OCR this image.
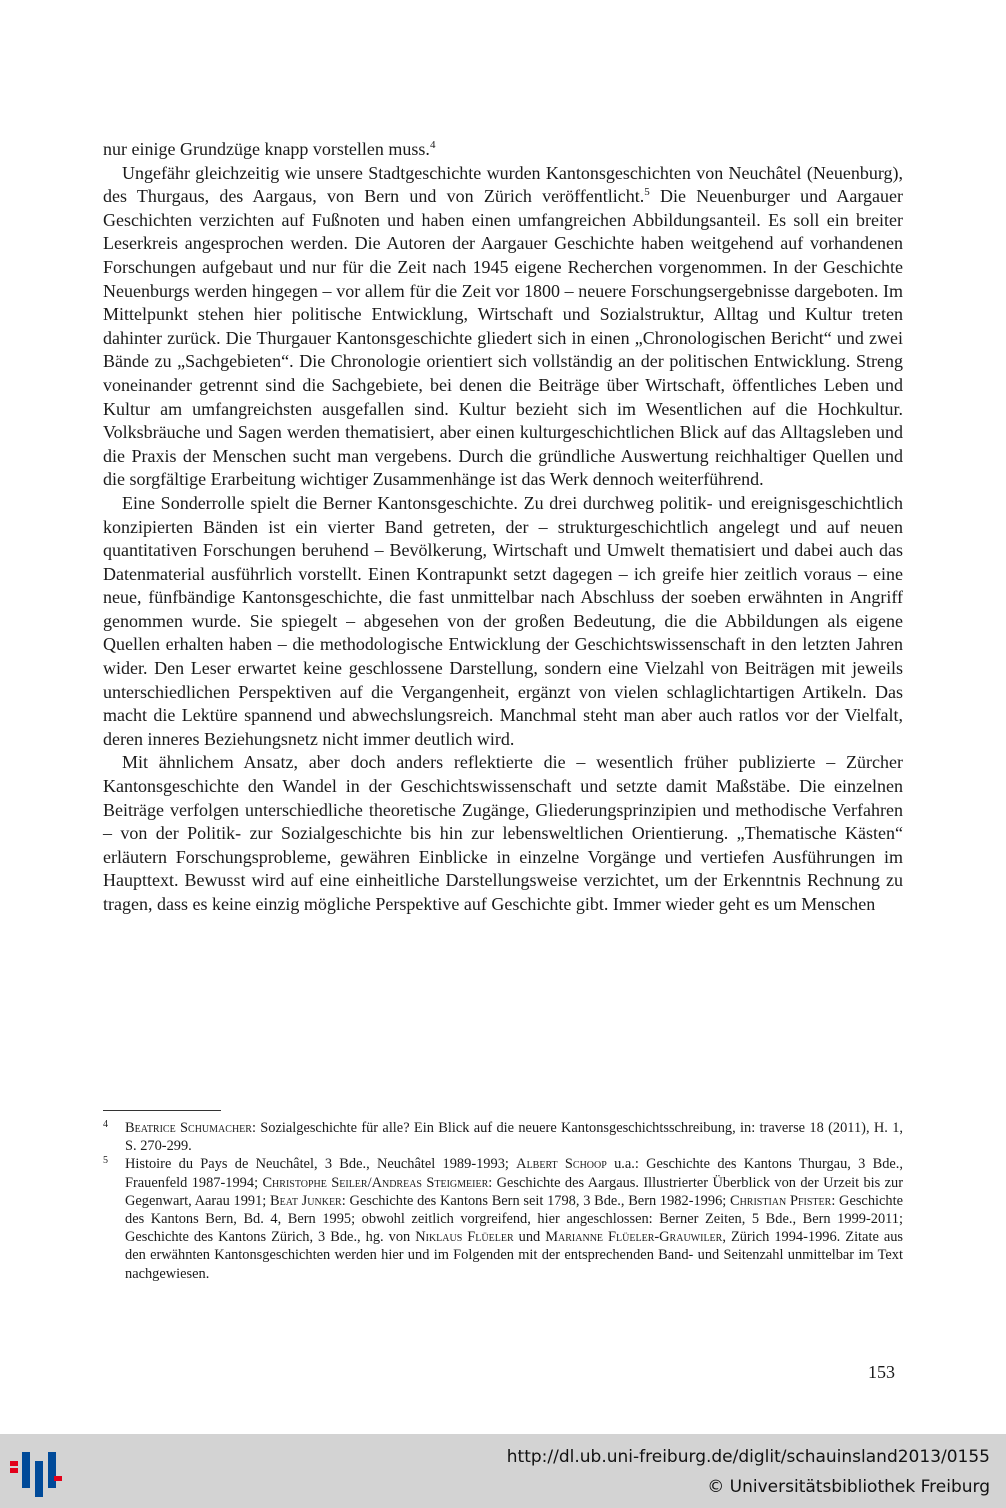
nur einige Grundzüge knapp vorstellen muss.$^4$

Ungefähr gleichzeitig wie unsere Stadtgeschichte wurden Kantonsgeschichten von Neuchâtel (Neuenburg), des Thurgaus, des Aargaus, von Bern und von Zürich veröffentlicht.$^5$ Die Neuenburger und Aargauer Geschichten verzichten auf Fußnoten und haben einen umfangreichen Abbildungsanteil. Es soll ein breiter Leserkreis angesprochen werden. Die Autoren der Aargauer Geschichte haben weitgehend auf vorhandenen Forschungen aufgebaut und nur für die Zeit nach 1945 eigene Recherchen vorgenommen. In der Geschichte Neuenburgs werden hingegen – vor allem für die Zeit vor 1800 – neuere Forschungsergebnisse dargeboten. Im Mittelpunkt stehen hier politische Entwicklung, Wirtschaft und Sozialstruktur, Alltag und Kultur treten dahinter zurück. Die Thurgauer Kantonsgeschichte gliedert sich in einen „Chronologischen Bericht“ und zwei Bände zu „Sachgebieten“. Die Chronologie orientiert sich vollständig an der politischen Entwicklung. Streng voneinander getrennt sind die Sachgebiete, bei denen die Beiträge über Wirtschaft, öffentliches Leben und Kultur am umfangreichsten ausgefallen sind. Kultur bezieht sich im Wesentlichen auf die Hochkultur. Volksbräuche und Sagen werden thematisiert, aber einen kulturgeschichtlichen Blick auf das Alltagsleben und die Praxis der Menschen sucht man vergebens. Durch die gründliche Auswertung reichhaltiger Quellen und die sorgfältige Erarbeitung wichtiger Zusammenhänge ist das Werk dennoch weiterführend.

Eine Sonderrolle spielt die Berner Kantonsgeschichte. Zu drei durchweg politik- und ereignisgeschichtlich konzipierten Bänden ist ein vierter Band getreten, der – strukturgeschichtlich angelegt und auf neuen quantitativen Forschungen beruhend – Bevölkerung, Wirtschaft und Umwelt thematisiert und dabei auch das Datenmaterial ausführlich vorstellt. Einen Kontrapunkt setzt dagegen – ich greife hier zeitlich voraus – eine neue, fünfbändige Kantonsgeschichte, die fast unmittelbar nach Abschluss der soeben erwähnten in Angriff genommen wurde. Sie spiegelt – abgesehen von der großen Bedeutung, die die Abbildungen als eigene Quellen erhalten haben – die methodologische Entwicklung der Geschichtswissenschaft in den letzten Jahren wider. Den Leser erwartet keine geschlossene Darstellung, sondern eine Vielzahl von Beiträgen mit jeweils unterschiedlichen Perspektiven auf die Vergangenheit, ergänzt von vielen schlaglichtartigen Artikeln. Das macht die Lektüre spannend und abwechslungsreich. Manchmal steht man aber auch ratlos vor der Vielfalt, deren inneres Beziehungsnetz nicht immer deutlich wird.

Mit ähnlichem Ansatz, aber doch anders reflektierte die – wesentlich früher publizierte – Zürcher Kantonsgeschichte den Wandel in der Geschichtswissenschaft und setzte damit Maßstäbe. Die einzelnen Beiträge verfolgen unterschiedliche theoretische Zugänge, Gliederungsprinzipien und methodische Verfahren – von der Politik- zur Sozialgeschichte bis hin zur lebensweltlichen Orientierung. „Thematische Kästen“ erläutern Forschungsprobleme, gewähren Einblicke in einzelne Vorgänge und vertiefen Ausführungen im Haupttext. Bewusst wird auf eine einheitliche Darstellungsweise verzichtet, um der Erkenntnis Rechnung zu tragen, dass es keine einzig mögliche Perspektive auf Geschichte gibt. Immer wieder geht es um Menschen

4 Beatrice Schumacher: Sozialgeschichte für alle? Ein Blick auf die neuere Kantonsgeschichtsschreibung, in: traverse 18 (2011), H. 1, S. 270-299.
5 Histoire du Pays de Neuchâtel, 3 Bde., Neuchâtel 1989-1993; Albert Schoop u.a.: Geschichte des Kantons Thurgau, 3 Bde., Frauenfeld 1987-1994; Christophe Seiler/Andreas Steigmeier: Geschichte des Aargaus. Illustrierter Überblick von der Urzeit bis zur Gegenwart, Aarau 1991; Beat Junker: Geschichte des Kantons Bern seit 1798, 3 Bde., Bern 1982-1996; Christian Pfister: Geschichte des Kantons Bern, Bd. 4, Bern 1995; obwohl zeitlich vorgreifend, hier angeschlossen: Berner Zeiten, 5 Bde., Bern 1999-2011; Geschichte des Kantons Zürich, 3 Bde., hg. von Niklaus Flüeler und Marianne Flüeler-Grauwiler, Zürich 1994-1996. Zitate aus den erwähnten Kantonsgeschichten werden hier und im Folgenden mit der entsprechenden Band- und Seitenzahl unmittelbar im Text nachgewiesen.
153
http://dl.ub.uni-freiburg.de/diglit/schauinsland2013/0155
© Universitätsbibliothek Freiburg
